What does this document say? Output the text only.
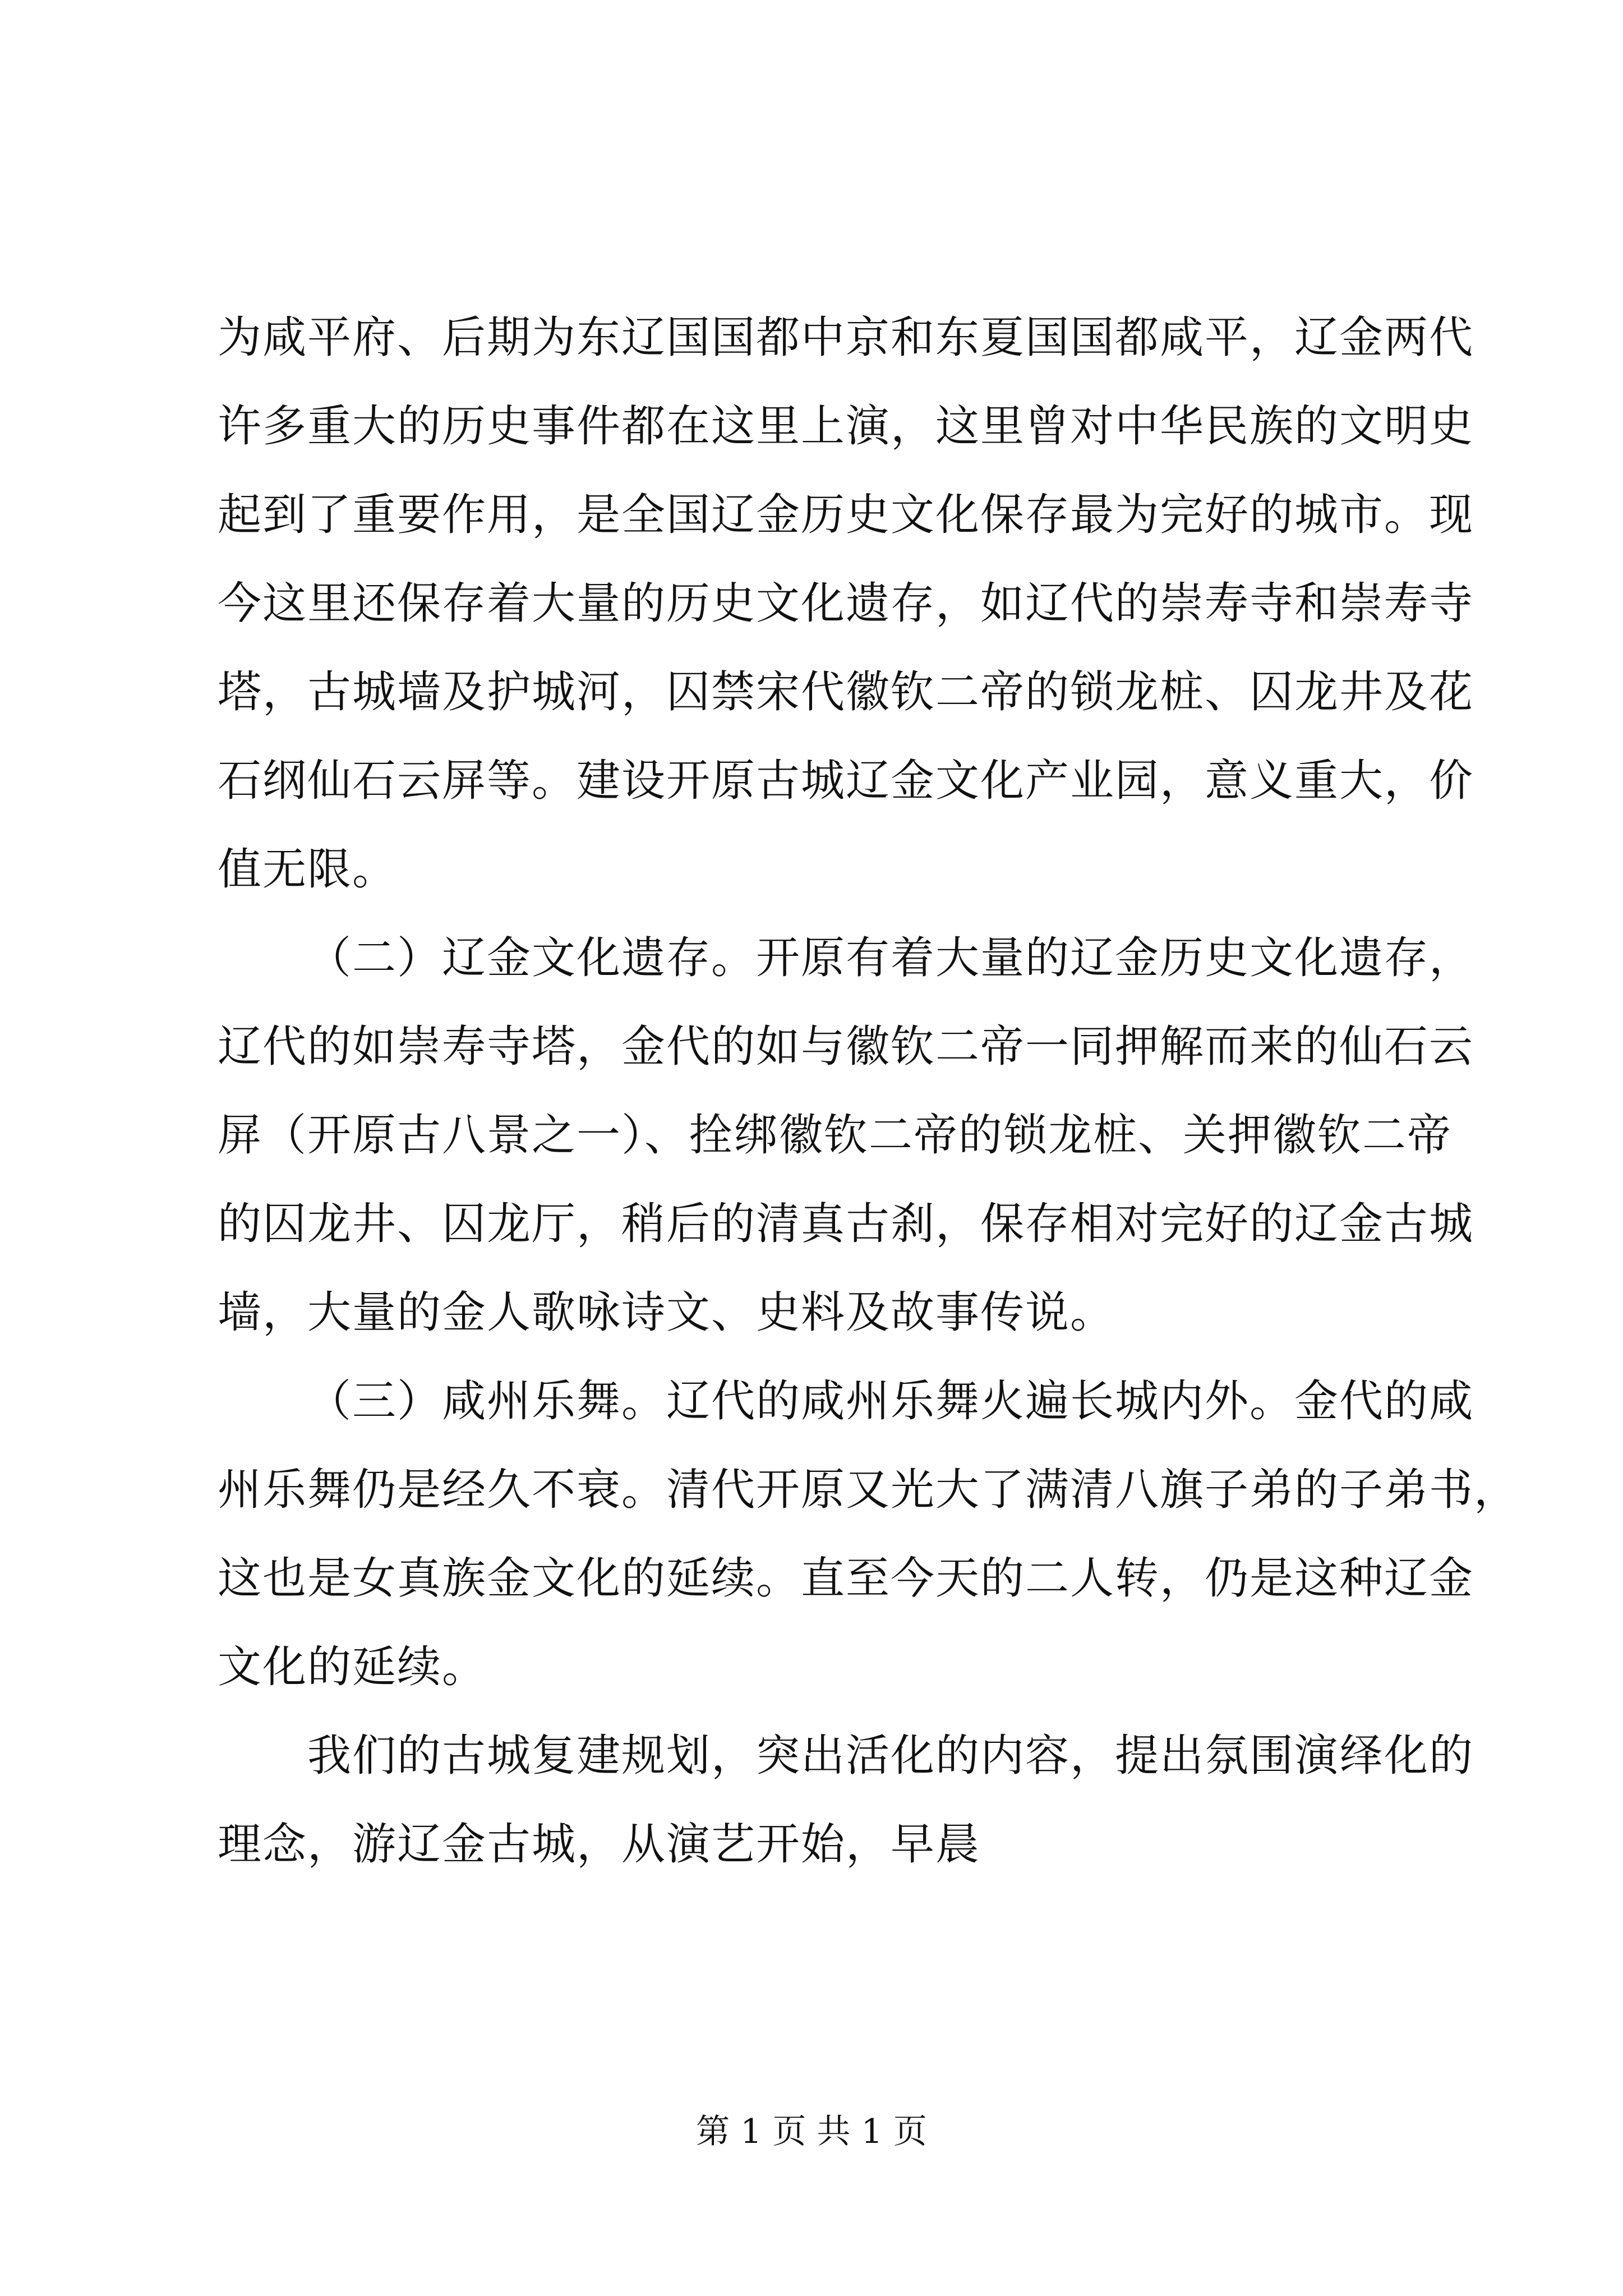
为咸平府、后期为东辽国国都中京和东夏国国都咸平，辽金两代
许多重大的历史事件都在这里上演，这里曾对中华民族的文明史
起到了重要作用，是全国辽金历史文化保存最为完好的城市。现
今这里还保存着大量的历史文化遗存，如辽代的崇寿寺和崇寿寺
塔，古城墙及护城河，囚禁宋代徽钦二帝的锁龙桩、囚龙井及花
石纲仙石云屏等。建设开原古城辽金文化产业园，意义重大，价
值无限。
（二）辽金文化遗存。开原有着大量的辽金历史文化遗存，
辽代的如崇寿寺塔，金代的如与徽钦二帝一同押解而来的仙石云
屏（开原古八景之一）、拴绑徽钦二帝的锁龙桩、关押徽钦二帝
的囚龙井、囚龙厅，稍后的清真古刹，保存相对完好的辽金古城
墙，大量的金人歌咏诗文、史料及故事传说。
（三）咸州乐舞。辽代的咸州乐舞火遍长城内外。金代的咸
州乐舞仍是经久不衰。清代开原又光大了满清八旗子弟的子弟书，
这也是女真族金文化的延续。直至今天的二人转，仍是这种辽金
文化的延续。
我们的古城复建规划，突出活化的内容，提出氛围演绎化的
理念，游辽金古城，从演艺开始，早晨
第 1 页 共 1 页
